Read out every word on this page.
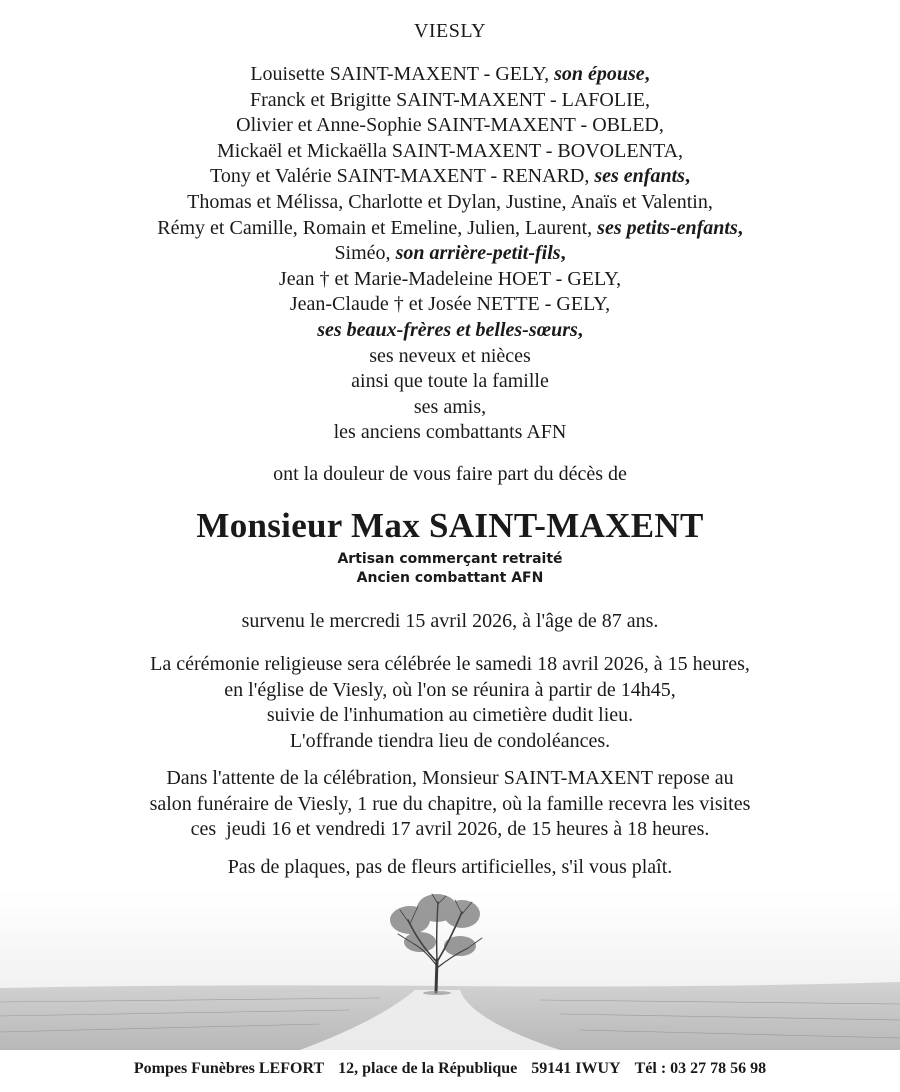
VIESLY
Louisette SAINT-MAXENT - GELY, son épouse,
Franck et Brigitte SAINT-MAXENT - LAFOLIE,
Olivier et Anne-Sophie SAINT-MAXENT - OBLED,
Mickaël et Mickaëlla SAINT-MAXENT - BOVOLENTA,
Tony et Valérie SAINT-MAXENT - RENARD, ses enfants,
Thomas et Mélissa, Charlotte et Dylan, Justine, Anaïs et Valentin,
Rémy et Camille, Romain et Emeline, Julien, Laurent, ses petits-enfants,
Siméo, son arrière-petit-fils,
Jean † et Marie-Madeleine HOET - GELY,
Jean-Claude † et Josée NETTE - GELY,
ses beaux-frères et belles-sœurs,
ses neveux et nièces
ainsi que toute la famille
ses amis,
les anciens combattants AFN
ont la douleur de vous faire part du décès de
Monsieur Max SAINT-MAXENT
Artisan commerçant retraité
Ancien combattant AFN
survenu le mercredi 15 avril 2026, à l'âge de 87 ans.
La cérémonie religieuse sera célébrée le samedi 18 avril 2026, à 15 heures,
en l'église de Viesly, où l'on se réunira à partir de 14h45,
suivie de l'inhumation au cimetière dudit lieu.
L'offrande tiendra lieu de condoléances.
Dans l'attente de la célébration, Monsieur SAINT-MAXENT repose au
salon funéraire de Viesly, 1 rue du chapitre, où la famille recevra les visites
ces  jeudi 16 et vendredi 17 avril 2026, de 15 heures à 18 heures.
Pas de plaques, pas de fleurs artificielles, s'il vous plaît.
Pompes Funèbres LEFORT 12, place de la République 59141 IWUY Tél : 03 27 78 56 98
